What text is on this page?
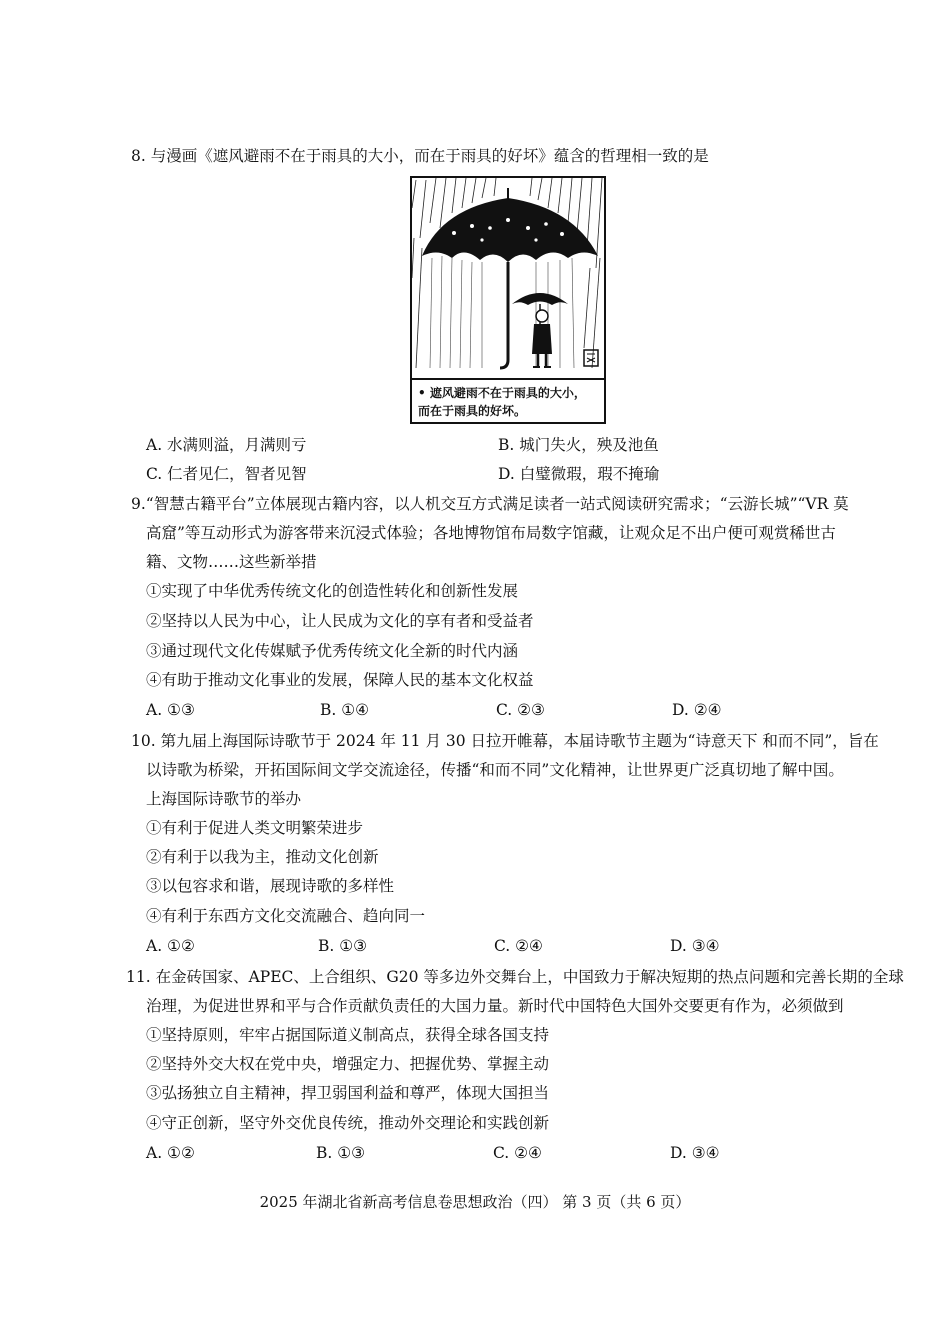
8. 与漫画《遮风避雨不在于雨具的大小，而在于雨具的好坏》蕴含的哲理相一致的是
• 遮风避雨不在于雨具的大小，
而在于雨具的好坏。
A. 水满则溢，月满则亏	B. 城门失火，殃及池鱼
C. 仁者见仁，智者见智	D. 白璧微瑕，瑕不掩瑜
9.“智慧古籍平台”立体展现古籍内容，以人机交互方式满足读者一站式阅读研究需求；“云游长城”“VR 莫
高窟”等互动形式为游客带来沉浸式体验；各地博物馆布局数字馆藏，让观众足不出户便可观赏稀世古
籍、文物……这些新举措
①实现了中华优秀传统文化的创造性转化和创新性发展
②坚持以人民为中心，让人民成为文化的享有者和受益者
③通过现代文化传媒赋予优秀传统文化全新的时代内涵
④有助于推动文化事业的发展，保障人民的基本文化权益
A. ①③	B. ①④	C. ②③	D. ②④
10. 第九届上海国际诗歌节于 2024 年 11 月 30 日拉开帷幕，本届诗歌节主题为“诗意天下 和而不同”，旨在
以诗歌为桥梁，开拓国际间文学交流途径，传播“和而不同”文化精神，让世界更广泛真切地了解中国。
上海国际诗歌节的举办
①有利于促进人类文明繁荣进步
②有利于以我为主，推动文化创新
③以包容求和谐，展现诗歌的多样性
④有利于东西方文化交流融合、趋向同一
A. ①②	B. ①③	C. ②④	D. ③④
11. 在金砖国家、APEC、上合组织、G20 等多边外交舞台上，中国致力于解决短期的热点问题和完善长期的全球
治理，为促进世界和平与合作贡献负责任的大国力量。新时代中国特色大国外交要更有作为，必须做到
①坚持原则，牢牢占据国际道义制高点，获得全球各国支持
②坚持外交大权在党中央，增强定力、把握优势、掌握主动
③弘扬独立自主精神，捍卫弱国利益和尊严，体现大国担当
④守正创新，坚守外交优良传统，推动外交理论和实践创新
A. ①②	B. ①③	C. ②④	D. ③④
2025 年湖北省新高考信息卷思想政治（四） 第 3 页（共 6 页）
